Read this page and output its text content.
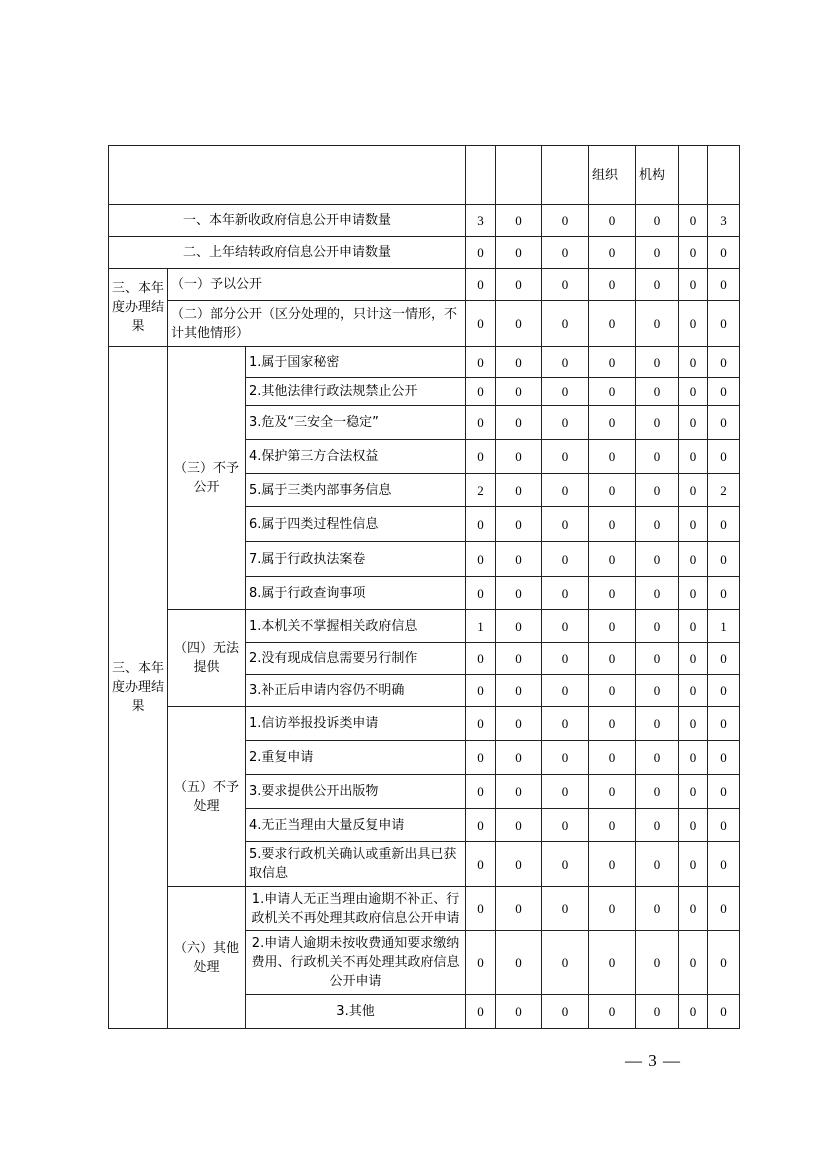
						组织	机构		
一、本年新收政府信息公开申请数量			3	0	0	0	0	0	3
二、上年结转政府信息公开申请数量			0	0	0	0	0	0	0
三、本年度办理结果	（一）予以公开		0	0	0	0	0	0	0
	（二）部分公开（区分处理的，只计这一情形，不计其他情形）		0	0	0	0	0	0	0
三、本年度办理结果	（三）不予公开	1.属于国家秘密	0	0	0	0	0	0	0
		2.其他法律行政法规禁止公开	0	0	0	0	0	0	0
		3.危及“三安全一稳定”	0	0	0	0	0	0	0
		4.保护第三方合法权益	0	0	0	0	0	0	0
		5.属于三类内部事务信息	2	0	0	0	0	0	2
		6.属于四类过程性信息	0	0	0	0	0	0	0
		7.属于行政执法案卷	0	0	0	0	0	0	0
		8.属于行政查询事项	0	0	0	0	0	0	0
	（四）无法提供	1.本机关不掌握相关政府信息	1	0	0	0	0	0	1
		2.没有现成信息需要另行制作	0	0	0	0	0	0	0
		3.补正后申请内容仍不明确	0	0	0	0	0	0	0
	（五）不予处理	1.信访举报投诉类申请	0	0	0	0	0	0	0
		2.重复申请	0	0	0	0	0	0	0
		3.要求提供公开出版物	0	0	0	0	0	0	0
		4.无正当理由大量反复申请	0	0	0	0	0	0	0
		5.要求行政机关确认或重新出具已获取信息	0	0	0	0	0	0	0
	（六）其他处理	1.申请人无正当理由逾期不补正、行政机关不再处理其政府信息公开申请	0	0	0	0	0	0	0
		2.申请人逾期未按收费通知要求缴纳费用、行政机关不再处理其政府信息公开申请	0	0	0	0	0	0	0
		3.其他	0	0	0	0	0	0	0
— 3 —
